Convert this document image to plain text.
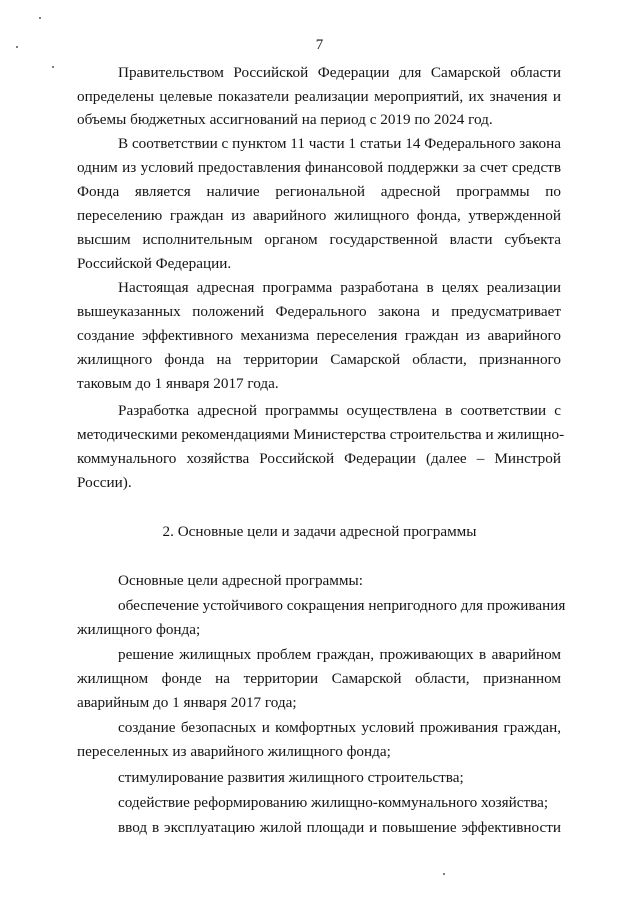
7
Правительством Российской Федерации для Самарской области
определены целевые показатели реализации мероприятий, их значения и
объемы бюджетных ассигнований на период с 2019 по 2024 год.
В соответствии с пунктом 11 части 1 статьи 14 Федерального закона
одним из условий предоставления финансовой поддержки за счет средств
Фонда является наличие региональной адресной программы по
переселению граждан из аварийного жилищного фонда, утвержденной
высшим исполнительным органом государственной власти субъекта
Российской Федерации.
Настоящая адресная программа разработана в целях реализации
вышеуказанных положений Федерального закона и предусматривает
создание эффективного механизма переселения граждан из аварийного
жилищного фонда на территории Самарской области, признанного
таковым до 1 января 2017 года.
Разработка адресной программы осуществлена в соответствии с
методическими рекомендациями Министерства строительства и жилищно-
коммунального хозяйства Российской Федерации (далее – Минстрой
России).
2. Основные цели и задачи адресной программы
Основные цели адресной программы:
обеспечение устойчивого сокращения непригодного для проживания
жилищного фонда;
решение жилищных проблем граждан, проживающих в аварийном
жилищном фонде на территории Самарской области, признанном
аварийным до 1 января 2017 года;
создание безопасных и комфортных условий проживания граждан,
переселенных из аварийного жилищного фонда;
стимулирование развития жилищного строительства;
содействие реформированию жилищно-коммунального хозяйства;
ввод в эксплуатацию жилой площади и повышение эффективности
